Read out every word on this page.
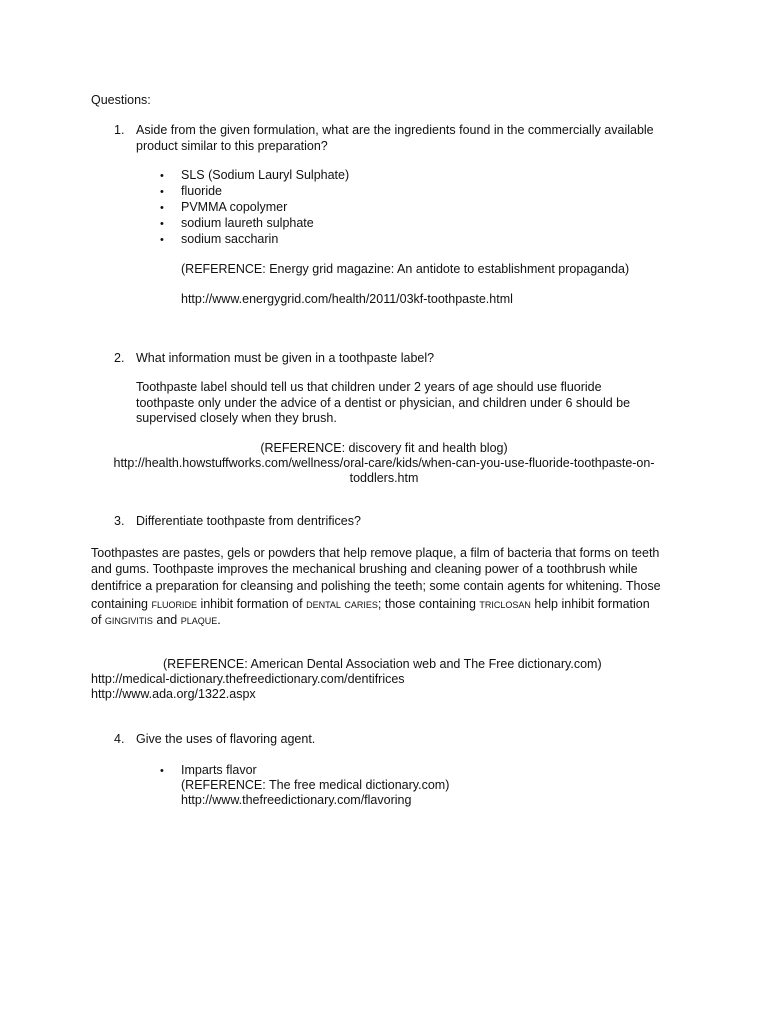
Questions:
1. Aside from the given formulation, what are the ingredients found in the commercially available
product similar to this preparation?
• SLS (Sodium Lauryl Sulphate)
• fluoride
• PVMMA copolymer
• sodium laureth sulphate
• sodium saccharin
(REFERENCE: Energy grid magazine: An antidote to establishment propaganda)
http://www.energygrid.com/health/2011/03kf-toothpaste.html
2. What information must be given in a toothpaste label?
Toothpaste label should tell us that children under 2 years of age should use fluoride
toothpaste only under the advice of a dentist or physician, and children under 6 should be
supervised closely when they brush.
(REFERENCE: discovery fit and health blog)
http://health.howstuffworks.com/wellness/oral-care/kids/when-can-you-use-fluoride-toothpaste-on-
toddlers.htm
3. Differentiate toothpaste from dentrifices?
Toothpastes are pastes, gels or powders that help remove plaque, a film of bacteria that forms on teeth
and gums. Toothpaste improves the mechanical brushing and cleaning power of a toothbrush while
dentifrice a preparation for cleansing and polishing the teeth; some contain agents for whitening. Those
containing fluoride inhibit formation of dental caries; those containing triclosan help inhibit formation
of gingivitis and plaque.
(REFERENCE: American Dental Association web and The Free dictionary.com)
http://medical-dictionary.thefreedictionary.com/dentifrices
http://www.ada.org/1322.aspx
4. Give the uses of flavoring agent.
• Imparts flavor
(REFERENCE: The free medical dictionary.com)
http://www.thefreedictionary.com/flavoring
